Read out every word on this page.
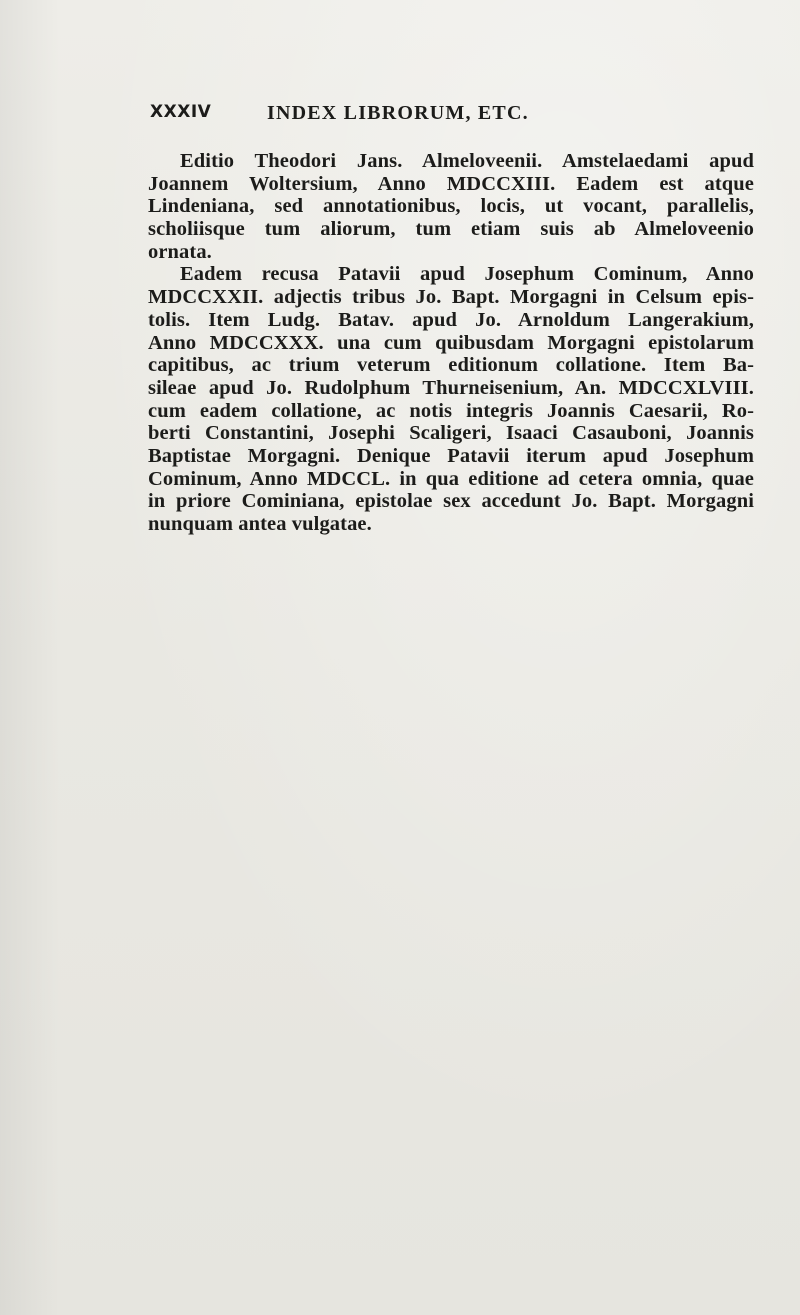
XXXIV	INDEX LIBRORUM, ETC.
Editio Theodori Jans. Almeloveenii. Amstelaedami apud
Joannem Woltersium, Anno MDCCXIII. Eadem est atque
Lindeniana, sed annotationibus, locis, ut vocant, parallelis,
scholiisque tum aliorum, tum etiam suis ab Almeloveenio
ornata.
Eadem recusa Patavii apud Josephum Cominum, Anno
MDCCXXII. adjectis tribus Jo. Bapt. Morgagni in Celsum epis-
tolis. Item Ludg. Batav. apud Jo. Arnoldum Langerakium,
Anno MDCCXXX. una cum quibusdam Morgagni epistolarum
capitibus, ac trium veterum editionum collatione. Item Ba-
sileae apud Jo. Rudolphum Thurneisenium, An. MDCCXLVIII.
cum eadem collatione, ac notis integris Joannis Caesarii, Ro-
berti Constantini, Josephi Scaligeri, Isaaci Casauboni, Joannis
Baptistae Morgagni. Denique Patavii iterum apud Josephum
Cominum, Anno MDCCL. in qua editione ad cetera omnia, quae
in priore Cominiana, epistolae sex accedunt Jo. Bapt. Morgagni
nunquam antea vulgatae.
